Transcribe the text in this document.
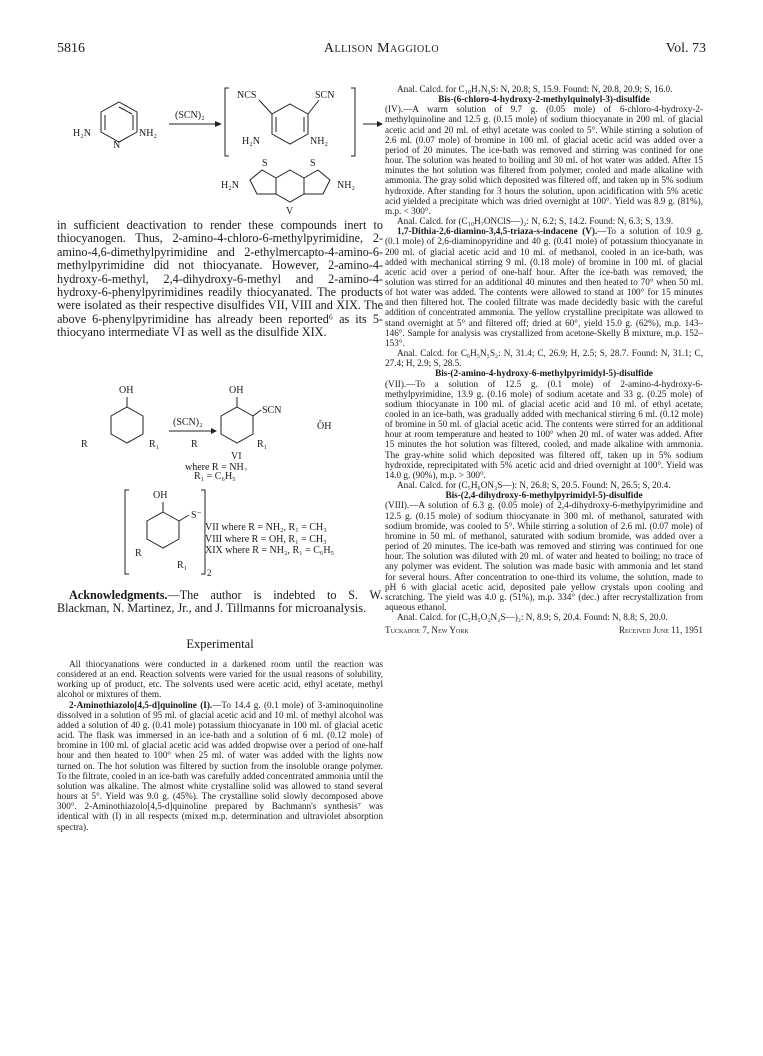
5816	Allison Maggiolo	Vol. 73
H₂N
N
NH₂
(SCN)₂
NCS	SCN
H₂N	NH₂
S	S
H₂N	NH₂
V
in sufficient deactivation to render these compounds inert to thiocyanogen. Thus, 2-amino-4-chloro-6-methylpyrimidine, 2-amino-4,6-dimethylpyrimidine and 2-ethylmercapto-4-amino-6-methylpyrimidine did not thiocyanate. However, 2-amino-4-hydroxy-6-methyl, 2,4-dihydroxy-6-methyl and 2-amino-4-hydroxy-6-phenylpyrimidines readily thiocyanated. The products were isolated as their respective disulfides VII, VIII and XIX. The above 6-phenylpyrimidine has already been reported⁶ as its 5-thiocyano intermediate VI as well as the disulfide XIX.
OH
R	R₁
(SCN)₂
OH
SCN
ŌH
R	R₁
VI
where R = NH₂
R₁ = C₆H₅
OH
S⁻
R
R₁
2
VII where R = NH₂, R₁ = CH₃
VIII where R = OH, R₁ = CH₃
XIX where R = NH₂, R₁ = C₆H₅
Acknowledgments.—The author is indebted to S. W. Blackman, N. Martinez, Jr., and J. Tillmanns for microanalysis.
Experimental

All thiocyanations were conducted in a darkened room until the reaction was considered at an end. Reaction solvents were varied for the usual reasons of solubility, working up of product, etc. The solvents used were acetic acid, ethyl acetate, methyl alcohol or mixtures of them.

2-Aminothiazolo[4,5-d]quinoline (I).—To 14.4 g. (0.1 mole) of 3-aminoquinoline dissolved in a solution of 95 ml. of glacial acetic acid and 10 ml. of methyl alcohol was added a solution of 40 g. (0.41 mole) potassium thiocyanate in 100 ml. of glacial acetic acid. The flask was immersed in an ice-bath and a solution of 6 ml. (0.12 mole) of bromine in 100 ml. of glacial acetic acid was added dropwise over a period of one-half hour and then heated to 100° when 25 ml. of water was added with the lights now turned on. The hot solution was filtered by suction from the insoluble orange polymer. To the filtrate, cooled in an ice-bath was carefully added concentrated ammonia until the solution was alkaline. The almost white crystalline solid was allowed to stand several hours at 5°. Yield was 9.0 g. (45%). The crystalline solid slowly decomposed above 300°. 2-Aminothiazolo[4,5-d]quinoline prepared by Bachmann's synthesis⁷ was identical with (I) in all respects (mixed m.p. determination and ultraviolet absorption spectra).

Anal. Calcd. for C₁₀H₇N₃S: N, 20.8; S, 15.9. Found: N, 20.8, 20.9; S, 16.0.

Bis-(6-chloro-4-hydroxy-2-methylquinolyl-3)-disulfide

(IV).—A warm solution of 9.7 g. (0.05 mole) of 6-chloro-4-hydroxy-2-methylquinoline and 12.5 g. (0.15 mole) of sodium thiocyanate in 200 ml. of glacial acetic acid and 20 ml. of ethyl acetate was cooled to 5°. While stirring a solution of 2.6 ml. (0.07 mole) of bromine in 100 ml. of glacial acetic acid was added over a period of 20 minutes. The ice-bath was removed and stirring was contined for one hour. The solution was heated to boiling and 30 ml. of hot water was added. After 15 minutes the hot solution was filtered from polymer, cooled and made alkaline with ammonia. The gray solid which deposited was filtered off, and taken up in 5% sodium hydroxide. After standing for 3 hours the solution, upon acidification with 5% acetic acid yielded a precipitate which was dried overnight at 100°. Yield was 8.9 g. (81%), m.p. < 300°.

Anal. Calcd. for (C₁₀H₇ONClS—)₂: N, 6.2; S, 14.2. Found: N, 6.3; S, 13.9.

1,7-Dithia-2,6-diamino-3,4,5-triaza-s-indacene (V).—To a solution of 10.9 g. (0.1 mole) of 2,6-diaminopyridine and 40 g. (0.41 mole) of potassium thiocyanate in 200 ml. of glacial acetic acid and 10 ml. of methanol, cooled in an ice-bath, was added with mechanical stirring 9 ml. (0.18 mole) of bromine in 100 ml. of glacial acetic acid over a period of one-half hour. After the ice-bath was removed, the solution was stirred for an additional 40 minutes and then heated to 70° when 50 ml. of hot water was added. The contents were allowed to stand at 100° for 15 minutes and then filtered hot. The cooled filtrate was made decidedly basic with the careful addition of concentrated ammonia. The yellow crystalline precipitate was allowed to stand overnight at 5° and filtered off; dried at 60°, yield 15.0 g. (62%), m.p. 143–146°. Sample for analysis was crystallized from acetone-Skelly B mixture, m.p. 152–153°.

Anal. Calcd. for C₆H₅N₅S₂: N, 31.4; C, 26.9; H, 2.5; S, 28.7. Found: N, 31.1; C, 27.4; H, 2.9; S, 28.5.

Bis-(2-amino-4-hydroxy-6-methylpyrimidyl-5)-disulfide

(VII).—To a solution of 12.5 g. (0.1 mole) of 2-amino-4-hydroxy-6-methylpyrimidine, 13.9 g. (0.16 mole) of sodium acetate and 33 g. (0.25 mole) of sodium thiocyanate in 100 ml. of glacial acetic acid and 10 ml. of ethyl acetate, cooled in an ice-bath, was gradually added with mechanical stirring 6 ml. (0.12 mole) of bromine in 50 ml. of glacial acetic acid. The contents were stirred for an additional hour at room temperature and heated to 100° when 20 ml. of water was added. After 15 minutes the hot solution was filtered, cooled, and made alkaline with ammonia. The gray-white solid which deposited was filtered off, taken up in 5% sodium hydroxide, reprecipitated with 5% acetic acid and dried overnight at 100°. Yield was 14.0 g. (90%), m.p. > 300°.

Anal. Calcd. for (C₅H₆ON₃S—): N, 26.8; S, 20.5. Found: N, 26.5; S, 20.4.

Bis-(2,4-dihydroxy-6-methylpyrimidyl-5)-disulfide

(VIII).—A solution of 6.3 g. (0.05 mole) of 2,4-dihydroxy-6-methylpyrimidine and 12.5 g. (0.15 mole) of sodium thiocyanate in 300 ml. of methanol, saturated with sodium bromide, was cooled to 5°. While stirring a solution of 2.6 ml. (0.07 mole) of bromine in 50 ml. of methanol, saturated with sodium bromide, was added over a period of 20 minutes. The ice-bath was removed and stirring was continued for one hour. The solution was diluted with 20 ml. of water and heated to boiling; no trace of any polymer was evident. The solution was made basic with ammonia and let stand for several hours. After concentration to one-third its volume, the solution, made to pH 6 with glacial acetic acid, deposited pale yellow crystals upon cooling and scratching. The yield was 4.0 g. (51%), m.p. 334° (dec.) after recrystallization from aqueous ethanol.

Anal. Calcd. for (C₅H₅O₂N₂S—)₂: N, 8.9; S, 20.4. Found: N, 8.8; S, 20.0.

Tuckahoe 7, New York	Received June 11, 1951
